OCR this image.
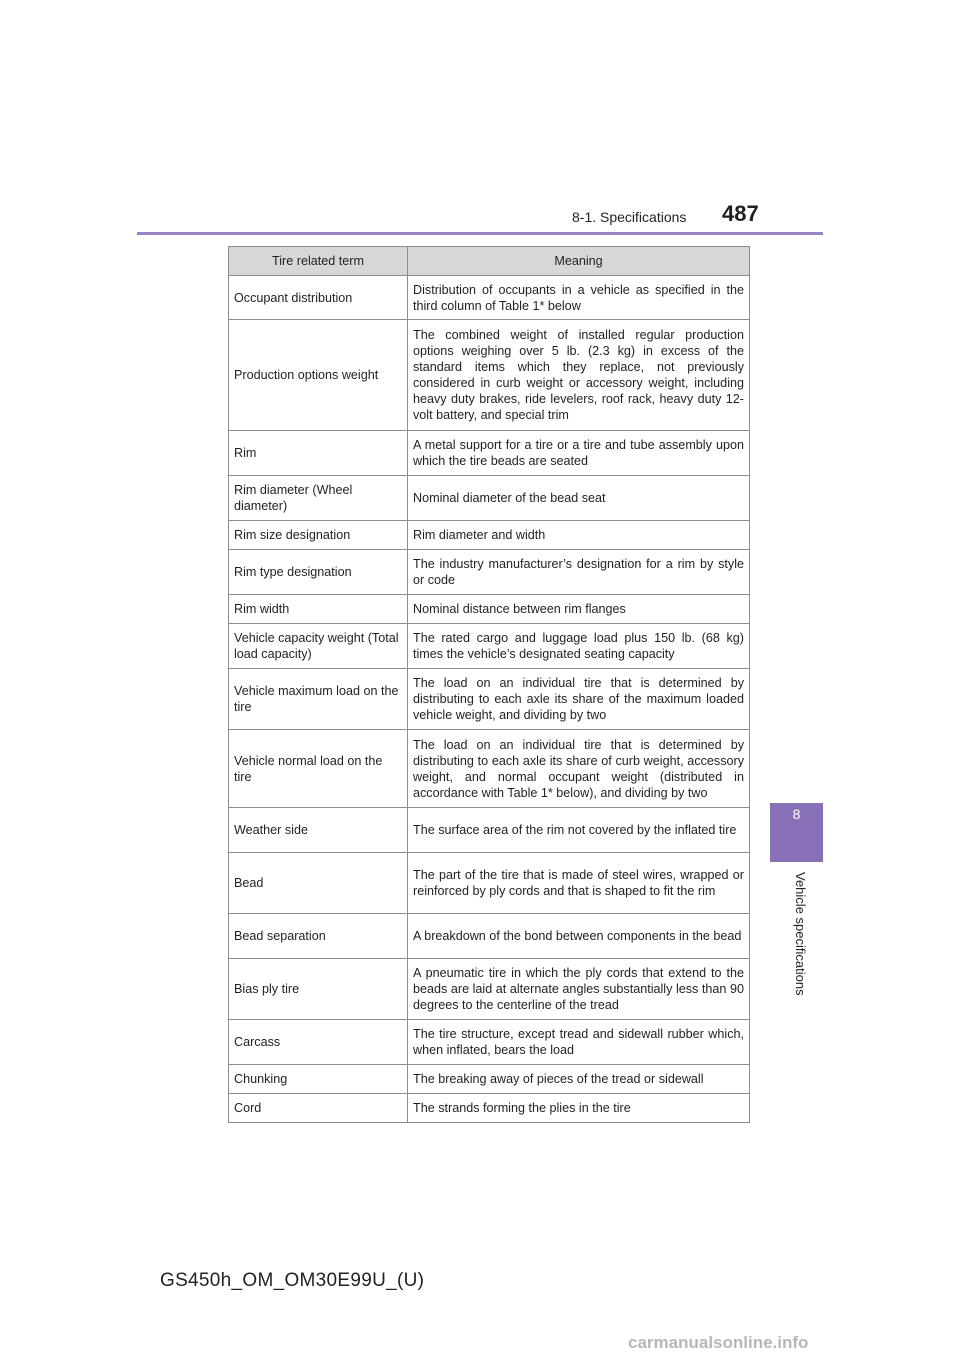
8-1. Specifications 487
8
Vehicle specifications
Tire related term	Meaning
Occupant distribution	Distribution of occupants in a vehicle as specified in the third column of Table 1* below
Production options weight	The combined weight of installed regular production options weighing over 5 lb. (2.3 kg) in excess of the standard items which they replace, not previously considered in curb weight or accessory weight, including heavy duty brakes, ride levelers, roof rack, heavy duty 12-volt battery, and special trim
Rim	A metal support for a tire or a tire and tube assembly upon which the tire beads are seated
Rim diameter (Wheel diameter)	Nominal diameter of the bead seat
Rim size designation	Rim diameter and width
Rim type designation	The industry manufacturer’s designation for a rim by style or code
Rim width	Nominal distance between rim flanges
Vehicle capacity weight (Total load capacity)	The rated cargo and luggage load plus 150 lb. (68 kg) times the vehicle’s designated seating capacity
Vehicle maximum load on the tire	The load on an individual tire that is determined by distributing to each axle its share of the maximum loaded vehicle weight, and dividing by two
Vehicle normal load on the tire	The load on an individual tire that is determined by distributing to each axle its share of curb weight, accessory weight, and normal occupant weight (distributed in accordance with Table 1* below), and dividing by two
Weather side	The surface area of the rim not covered by the inflated tire
Bead	The part of the tire that is made of steel wires, wrapped or reinforced by ply cords and that is shaped to fit the rim
Bead separation	A breakdown of the bond between components in the bead
Bias ply tire	A pneumatic tire in which the ply cords that extend to the beads are laid at alternate angles substantially less than 90 degrees to the centerline of the tread
Carcass	The tire structure, except tread and sidewall rubber which, when inflated, bears the load
Chunking	The breaking away of pieces of the tread or sidewall
Cord	The strands forming the plies in the tire
GS450h_OM_OM30E99U_(U)
carmanualsonline.info
